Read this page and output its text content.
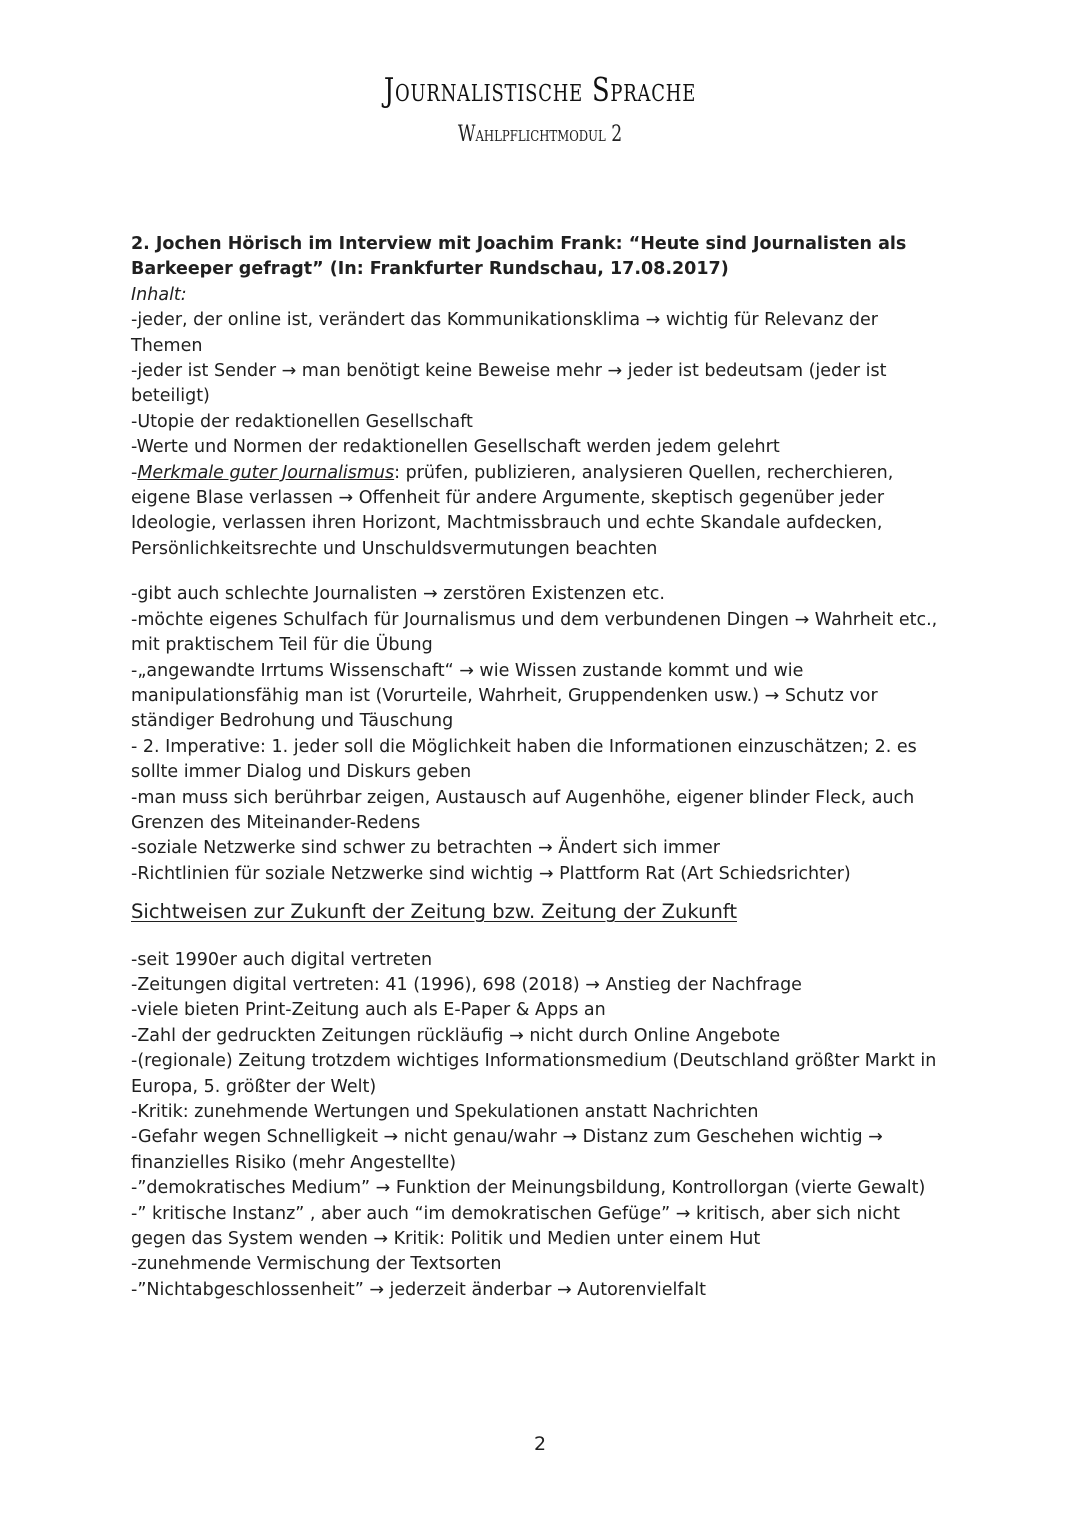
Journalistische Sprache
Wahlpflichtmodul 2

2. Jochen Hörisch im Interview mit Joachim Frank: “Heute sind Journalisten als Barkeeper gefragt” (In: Frankfurter Rundschau, 17.08.2017)

Inhalt:

-jeder, der online ist, verändert das Kommunikationsklima → wichtig für Relevanz der Themen

-jeder ist Sender → man benötigt keine Beweise mehr → jeder ist bedeutsam (jeder ist beteiligt)

-Utopie der redaktionellen Gesellschaft

-Werte und Normen der redaktionellen Gesellschaft werden jedem gelehrt

-Merkmale guter Journalismus: prüfen, publizieren, analysieren Quellen, recherchieren, eigene Blase verlassen → Offenheit für andere Argumente, skeptisch gegenüber jeder Ideologie, verlassen ihren Horizont, Machtmissbrauch und echte Skandale aufdecken, Persönlichkeitsrechte und Unschuldsvermutungen beachten

-gibt auch schlechte Journalisten → zerstören Existenzen etc.

-möchte eigenes Schulfach für Journalismus und dem verbundenen Dingen → Wahrheit etc., mit praktischem Teil für die Übung

-„angewandte Irrtums Wissenschaft“ → wie Wissen zustande kommt und wie manipulationsfähig man ist (Vorurteile, Wahrheit, Gruppendenken usw.) → Schutz vor ständiger Bedrohung und Täuschung

- 2. Imperative: 1. jeder soll die Möglichkeit haben die Informationen einzuschätzen; 2. es sollte immer Dialog und Diskurs geben

-man muss sich berührbar zeigen, Austausch auf Augenhöhe, eigener blinder Fleck, auch Grenzen des Miteinander-Redens

-soziale Netzwerke sind schwer zu betrachten → Ändert sich immer

-Richtlinien für soziale Netzwerke sind wichtig → Plattform Rat (Art Schiedsrichter)

Sichtweisen zur Zukunft der Zeitung bzw. Zeitung der Zukunft

-seit 1990er auch digital vertreten

-Zeitungen digital vertreten: 41 (1996), 698 (2018) → Anstieg der Nachfrage

-viele bieten Print-Zeitung auch als E-Paper & Apps an

-Zahl der gedruckten Zeitungen rückläufig → nicht durch Online Angebote

-(regionale) Zeitung trotzdem wichtiges Informationsmedium (Deutschland größter Markt in Europa, 5. größter der Welt)

-Kritik: zunehmende Wertungen und Spekulationen anstatt Nachrichten

-Gefahr wegen Schnelligkeit → nicht genau/wahr → Distanz zum Geschehen wichtig → finanzielles Risiko (mehr Angestellte)

-”demokratisches Medium” → Funktion der Meinungsbildung, Kontrollorgan (vierte Gewalt)

-” kritische Instanz” , aber auch “im demokratischen Gefüge” → kritisch, aber sich nicht gegen das System wenden → Kritik: Politik und Medien unter einem Hut

-zunehmende Vermischung der Textsorten

-”Nichtabgeschlossenheit” → jederzeit änderbar → Autorenvielfalt

2
